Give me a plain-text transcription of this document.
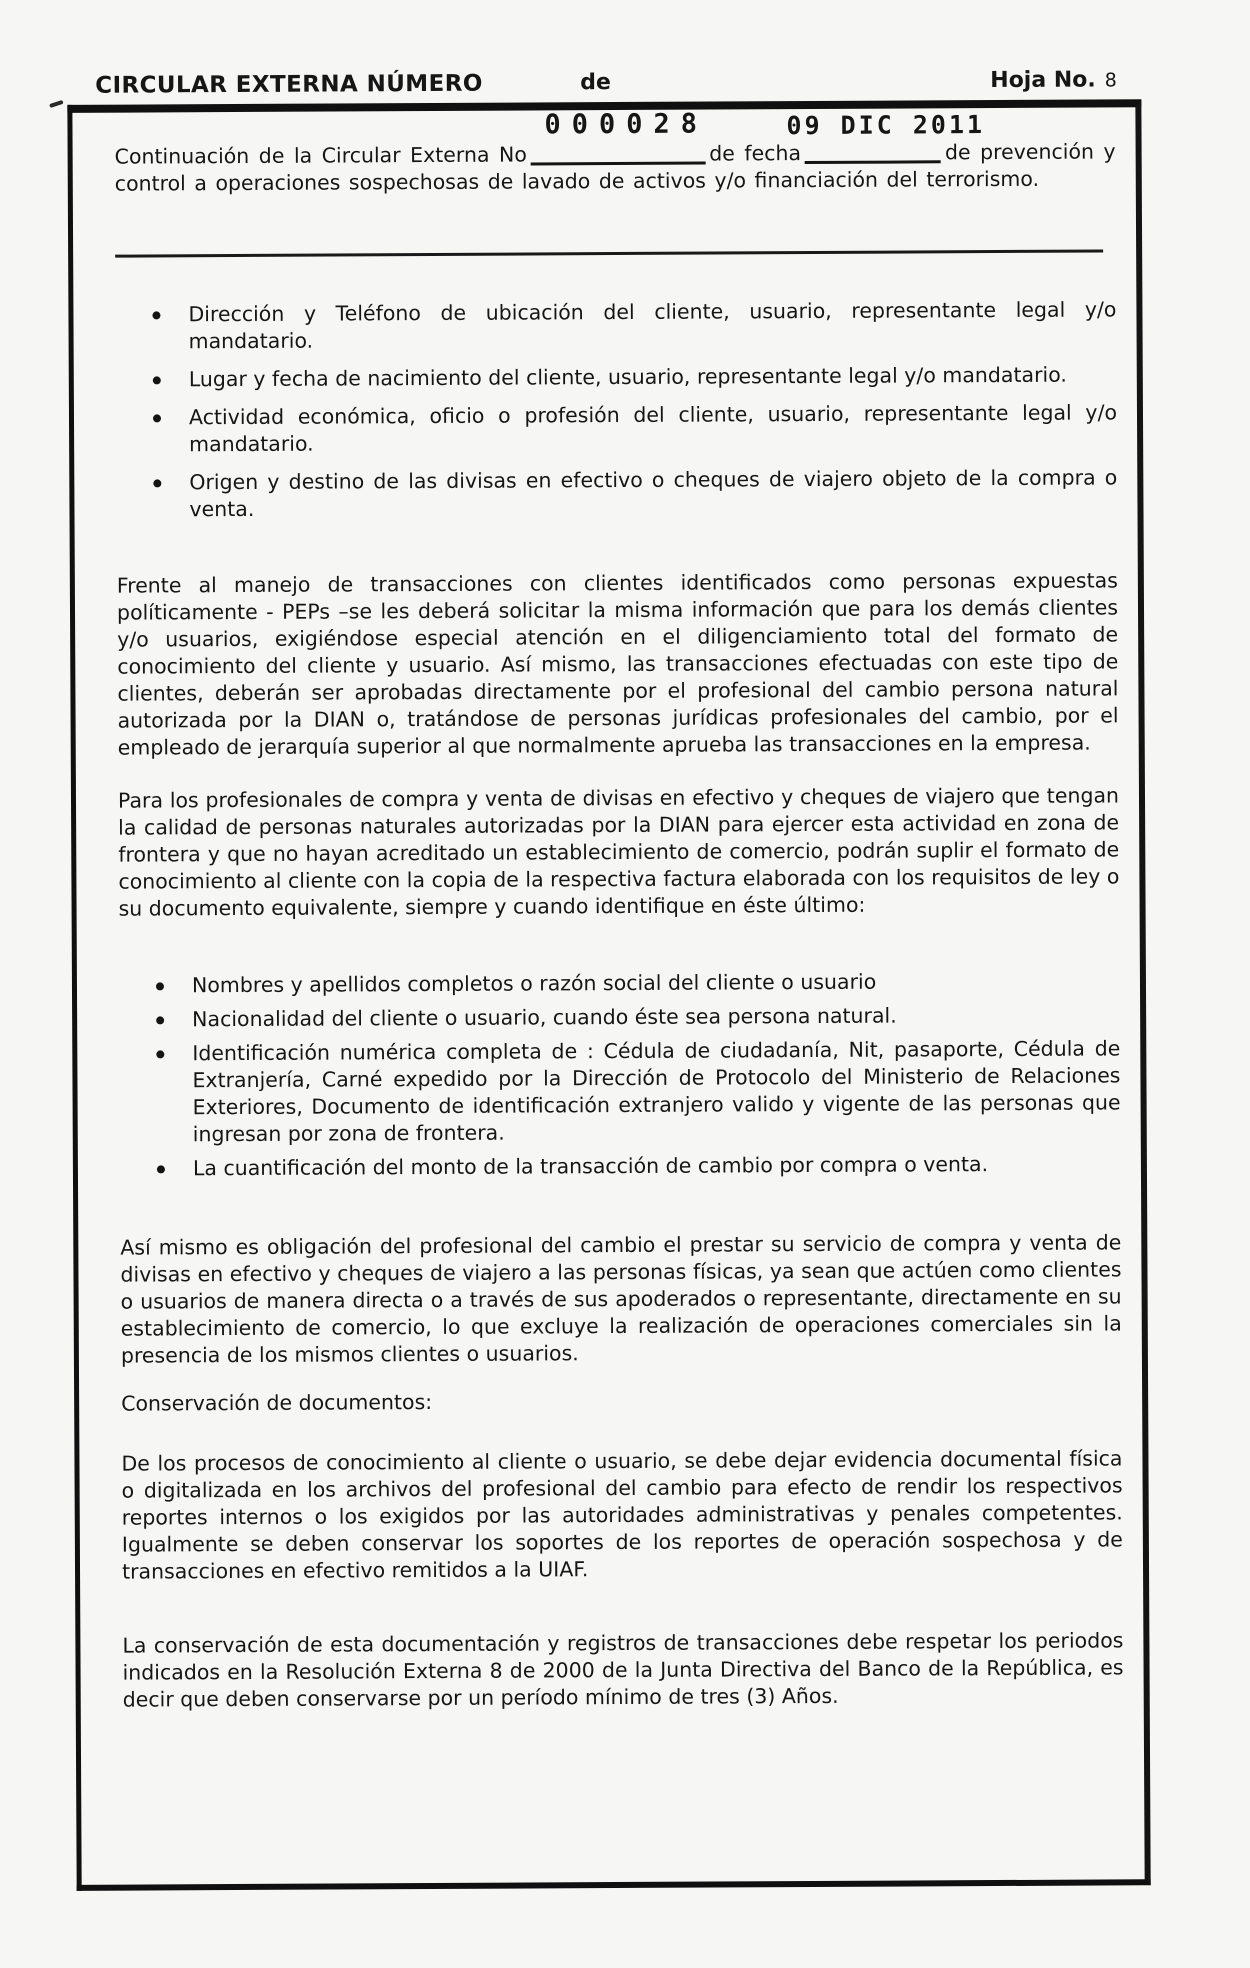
CIRCULAR EXTERNA NÚMERO	de	Hoja No. 8
000028	09 DIC 2011
Continuación de la Circular Externa No	de fecha	de prevención y

control a operaciones sospechosas de lavado de activos y/o financiación del terrorismo.

Dirección y Teléfono de ubicación del cliente, usuario, representante legal y/o mandatario.
Lugar y fecha de nacimiento del cliente, usuario, representante legal y/o mandatario.
Actividad económica, oficio o profesión del cliente, usuario, representante legal y/o mandatario.
Origen y destino de las divisas en efectivo o cheques de viajero objeto de la compra o venta.

Frente al manejo de transacciones con clientes identificados como personas expuestas políticamente - PEPs –se les deberá solicitar la misma información que para los demás clientes y/o usuarios, exigiéndose especial atención en el diligenciamiento total del formato de conocimiento del cliente y usuario. Así mismo, las transacciones efectuadas con este tipo de clientes, deberán ser aprobadas directamente por el profesional del cambio persona natural autorizada por la DIAN o, tratándose de personas jurídicas profesionales del cambio, por el empleado de jerarquía superior al que normalmente aprueba las transacciones en la empresa.

Para los profesionales de compra y venta de divisas en efectivo y cheques de viajero que tengan la calidad de personas naturales autorizadas por la DIAN para ejercer esta actividad en zona de frontera y que no hayan acreditado un establecimiento de comercio, podrán suplir el formato de conocimiento al cliente con la copia de la respectiva factura elaborada con los requisitos de ley o su documento equivalente, siempre y cuando identifique en éste último:

Nombres y apellidos completos o razón social del cliente o usuario
Nacionalidad del cliente o usuario, cuando éste sea persona natural.
Identificación numérica completa de : Cédula de ciudadanía, Nit, pasaporte, Cédula de Extranjería, Carné expedido por la Dirección de Protocolo del Ministerio de Relaciones Exteriores, Documento de identificación extranjero valido y vigente de las personas que ingresan por zona de frontera.
La cuantificación del monto de la transacción de cambio por compra o venta.

Así mismo es obligación del profesional del cambio el prestar su servicio de compra y venta de divisas en efectivo y cheques de viajero a las personas físicas, ya sean que actúen como clientes o usuarios de manera directa o a través de sus apoderados o representante, directamente en su establecimiento de comercio, lo que excluye la realización de operaciones comerciales sin la presencia de los mismos clientes o usuarios.

Conservación de documentos:

De los procesos de conocimiento al cliente o usuario, se debe dejar evidencia documental física o digitalizada en los archivos del profesional del cambio para efecto de rendir los respectivos reportes internos o los exigidos por las autoridades administrativas y penales competentes. Igualmente se deben conservar los soportes de los reportes de operación sospechosa y de transacciones en efectivo remitidos a la UIAF.

La conservación de esta documentación y registros de transacciones debe respetar los periodos indicados en la Resolución Externa 8 de 2000 de la Junta Directiva del Banco de la República, es decir que deben conservarse por un período mínimo de tres (3) Años.
